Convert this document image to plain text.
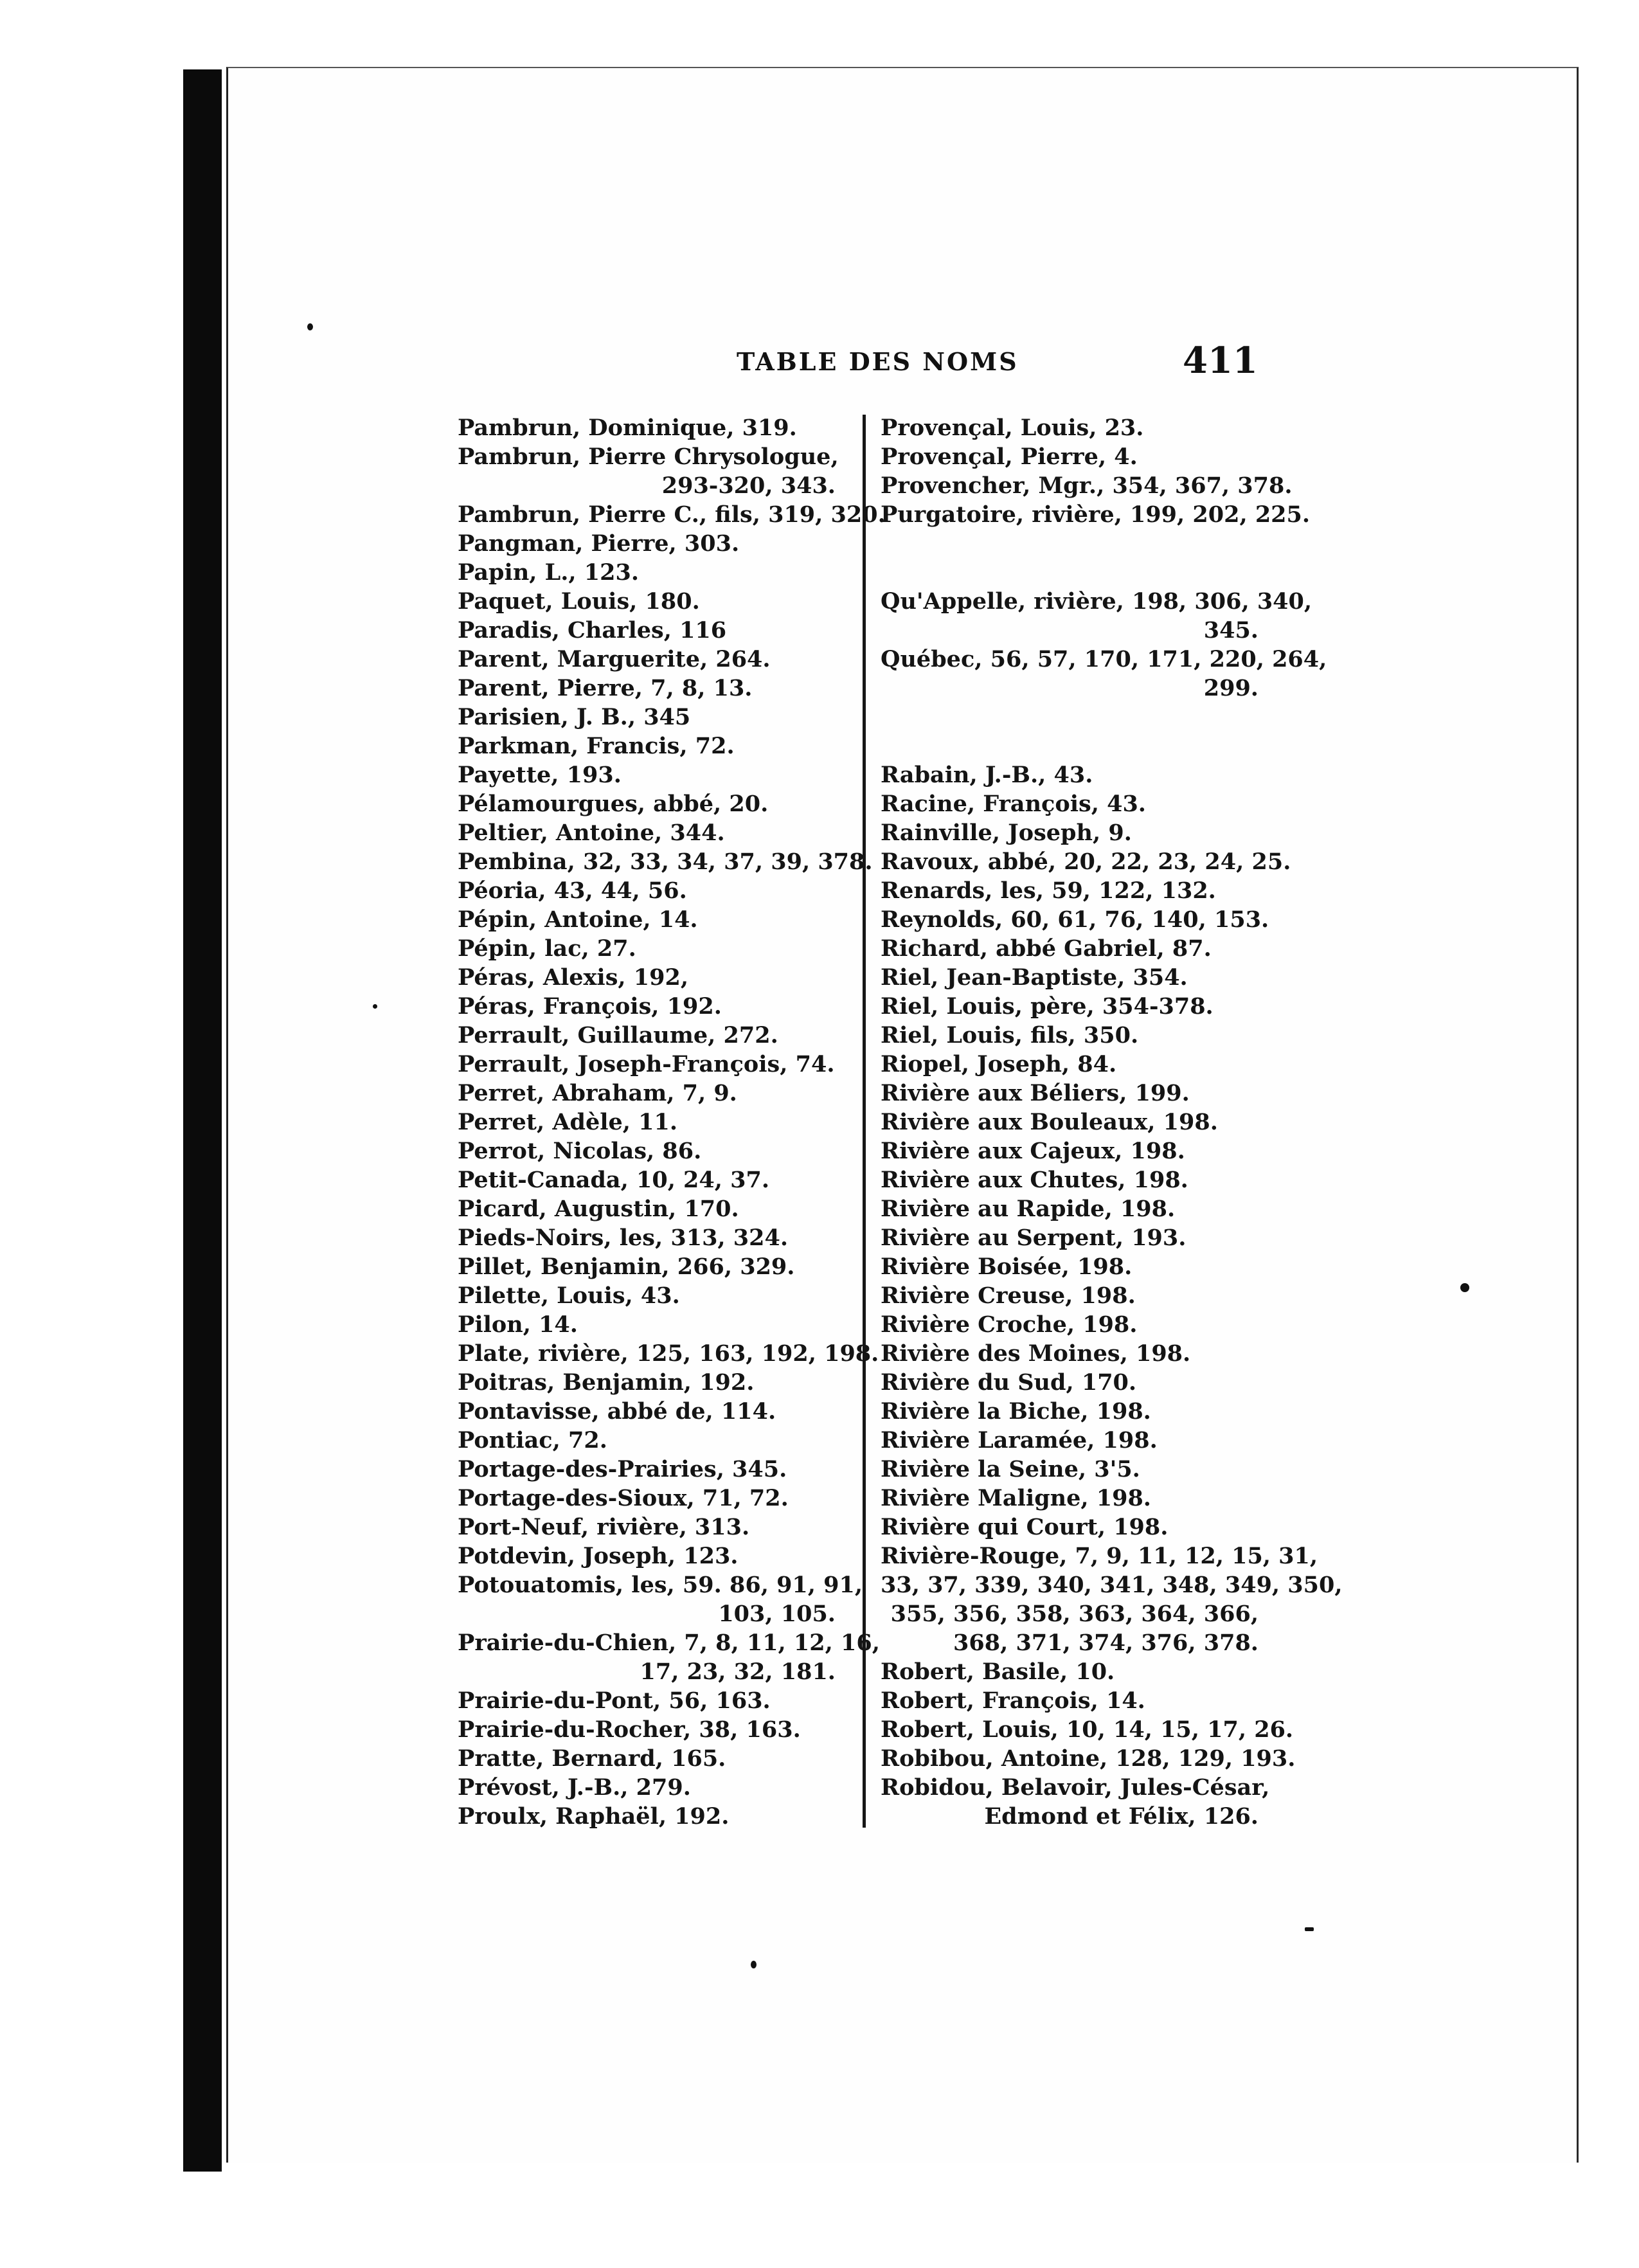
TABLE DES NOMS	411
Pambrun, Dominique, 319.
Pambrun, Pierre Chrysologue,
293-320, 343.
Pambrun, Pierre C., fils, 319, 320.
Pangman, Pierre, 303.
Papin, L., 123.
Paquet, Louis, 180.
Paradis, Charles, 116
Parent, Marguerite, 264.
Parent, Pierre, 7, 8, 13.
Parisien, J. B., 345
Parkman, Francis, 72.
Payette, 193.
Pélamourgues, abbé, 20.
Peltier, Antoine, 344.
Pembina, 32, 33, 34, 37, 39, 378.
Péoria, 43, 44, 56.
Pépin, Antoine, 14.
Pépin, lac, 27.
Péras, Alexis, 192,
Péras, François, 192.
Perrault, Guillaume, 272.
Perrault, Joseph-François, 74.
Perret, Abraham, 7, 9.
Perret, Adèle, 11.
Perrot, Nicolas, 86.
Petit-Canada, 10, 24, 37.
Picard, Augustin, 170.
Pieds-Noirs, les, 313, 324.
Pillet, Benjamin, 266, 329.
Pilette, Louis, 43.
Pilon, 14.
Plate, rivière, 125, 163, 192, 198.
Poitras, Benjamin, 192.
Pontavisse, abbé de, 114.
Pontiac, 72.
Portage-des-Prairies, 345.
Portage-des-Sioux, 71, 72.
Port-Neuf, rivière, 313.
Potdevin, Joseph, 123.
Potouatomis, les, 59. 86, 91, 91,
103, 105.
Prairie-du-Chien, 7, 8, 11, 12, 16,
17, 23, 32, 181.
Prairie-du-Pont, 56, 163.
Prairie-du-Rocher, 38, 163.
Pratte, Bernard, 165.
Prévost, J.-B., 279.
Proulx, Raphaël, 192.
Provençal, Louis, 23.
Provençal, Pierre, 4.
Provencher, Mgr., 354, 367, 378.
Purgatoire, rivière, 199, 202, 225.
Qu'Appelle, rivière, 198, 306, 340,
345.
Québec, 56, 57, 170, 171, 220, 264,
299.
Rabain, J.-B., 43.
Racine, François, 43.
Rainville, Joseph, 9.
Ravoux, abbé, 20, 22, 23, 24, 25.
Renards, les, 59, 122, 132.
Reynolds, 60, 61, 76, 140, 153.
Richard, abbé Gabriel, 87.
Riel, Jean-Baptiste, 354.
Riel, Louis, père, 354-378.
Riel, Louis, fils, 350.
Riopel, Joseph, 84.
Rivière aux Béliers, 199.
Rivière aux Bouleaux, 198.
Rivière aux Cajeux, 198.
Rivière aux Chutes, 198.
Rivière au Rapide, 198.
Rivière au Serpent, 193.
Rivière Boisée, 198.
Rivière Creuse, 198.
Rivière Croche, 198.
Rivière des Moines, 198.
Rivière du Sud, 170.
Rivière la Biche, 198.
Rivière Laramée, 198.
Rivière la Seine, 3'5.
Rivière Maligne, 198.
Rivière qui Court, 198.
Rivière-Rouge, 7, 9, 11, 12, 15, 31,
33, 37, 339, 340, 341, 348, 349, 350,
355, 356, 358, 363, 364, 366,
368, 371, 374, 376, 378.
Robert, Basile, 10.
Robert, François, 14.
Robert, Louis, 10, 14, 15, 17, 26.
Robibou, Antoine, 128, 129, 193.
Robidou, Belavoir, Jules-César,
Edmond et Félix, 126.
